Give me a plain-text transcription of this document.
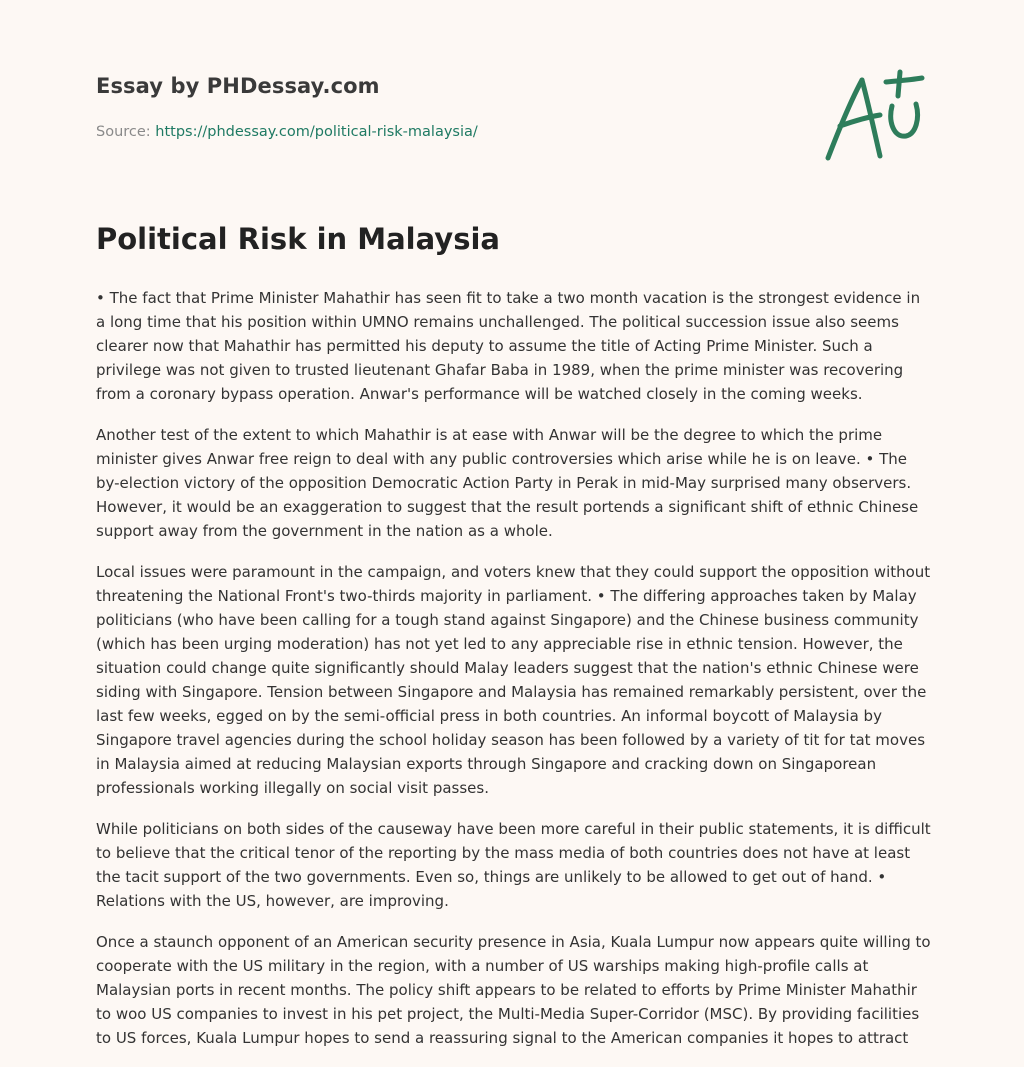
Essay by PHDessay.com
Source: https://phdessay.com/political-risk-malaysia/
Political Risk in Malaysia

• The fact that Prime Minister Mahathir has seen fit to take a two month vacation is the strongest evidence in a long time that his position within UMNO remains unchallenged. The political succession issue also seems clearer now that Mahathir has permitted his deputy to assume the title of Acting Prime Minister. Such a privilege was not given to trusted lieutenant Ghafar Baba in 1989, when the prime minister was recovering from a coronary bypass operation. Anwar's performance will be watched closely in the coming weeks.

Another test of the extent to which Mahathir is at ease with Anwar will be the degree to which the prime minister gives Anwar free reign to deal with any public controversies which arise while he is on leave. • The by-election victory of the opposition Democratic Action Party in Perak in mid-May surprised many observers. However, it would be an exaggeration to suggest that the result portends a significant shift of ethnic Chinese support away from the government in the nation as a whole.

Local issues were paramount in the campaign, and voters knew that they could support the opposition without threatening the National Front's two-thirds majority in parliament. • The differing approaches taken by Malay politicians (who have been calling for a tough stand against Singapore) and the Chinese business community (which has been urging moderation) has not yet led to any appreciable rise in ethnic tension. However, the situation could change quite significantly should Malay leaders suggest that the nation's ethnic Chinese were siding with Singapore. Tension between Singapore and Malaysia has remained remarkably persistent, over the last few weeks, egged on by the semi-official press in both countries. An informal boycott of Malaysia by Singapore travel agencies during the school holiday season has been followed by a variety of tit for tat moves in Malaysia aimed at reducing Malaysian exports through Singapore and cracking down on Singaporean professionals working illegally on social visit passes.

While politicians on both sides of the causeway have been more careful in their public statements, it is difficult to believe that the critical tenor of the reporting by the mass media of both countries does not have at least the tacit support of the two governments. Even so, things are unlikely to be allowed to get out of hand. • Relations with the US, however, are improving.

Once a staunch opponent of an American security presence in Asia, Kuala Lumpur now appears quite willing to cooperate with the US military in the region, with a number of US warships making high-profile calls at Malaysian ports in recent months. The policy shift appears to be related to efforts by Prime Minister Mahathir to woo US companies to invest in his pet project, the Multi-Media Super-Corridor (MSC). By providing facilities to US forces, Kuala Lumpur hopes to send a reassuring signal to the American companies it hopes to attract
